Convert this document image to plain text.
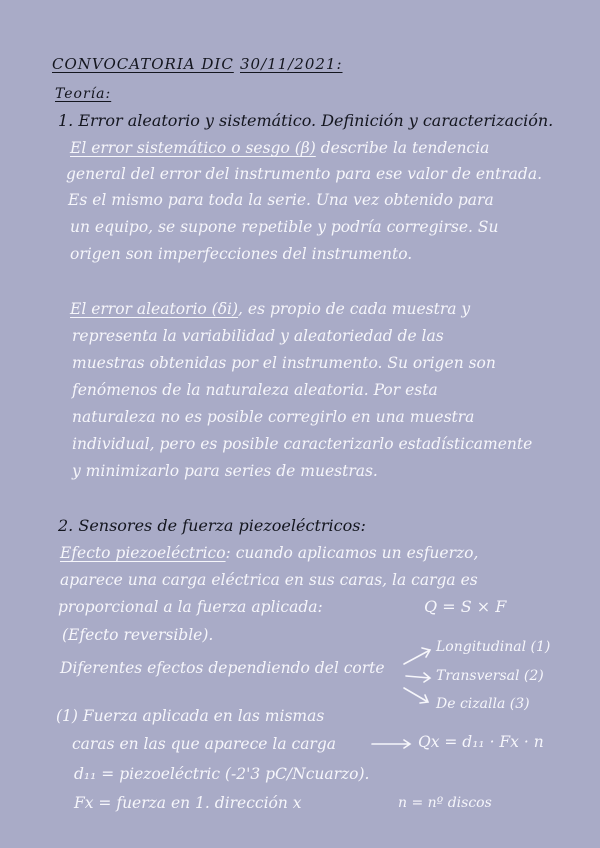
CONVOCATORIA DIC 30/11/2021:
Teoría:
1. Error aleatorio y sistemático. Definición y caracterización.
El error sistemático o sesgo (β) describe la tendencia
general del error del instrumento para ese valor de entrada.
Es el mismo para toda la serie. Una vez obtenido para
un equipo, se supone repetible y podría corregirse. Su
origen son imperfecciones del instrumento.
El error aleatorio (δi), es propio de cada muestra y
representa la variabilidad y aleatoriedad de las
muestras obtenidas por el instrumento. Su origen son
fenómenos de la naturaleza aleatoria. Por esta
naturaleza no es posible corregirlo en una muestra
individual, pero es posible caracterizarlo estadísticamente
y minimizarlo para series de muestras.
2. Sensores de fuerza piezoeléctricos:
Efecto piezoeléctrico: cuando aplicamos un esfuerzo,
aparece una carga eléctrica en sus caras, la carga es
proporcional a la fuerza aplicada:	Q = S × F
(Efecto reversible).
Diferentes efectos dependiendo del corte
Longitudinal (1)
Transversal (2)
De cizalla (3)
(1) Fuerza aplicada en las mismas
caras en las que aparece la carga	Qx = d₁₁ · Fx · n
d₁₁ = piezoeléctric (-2'3 pC/Ncuarzo).
Fx = fuerza en 1. dirección x	n = nº discos
